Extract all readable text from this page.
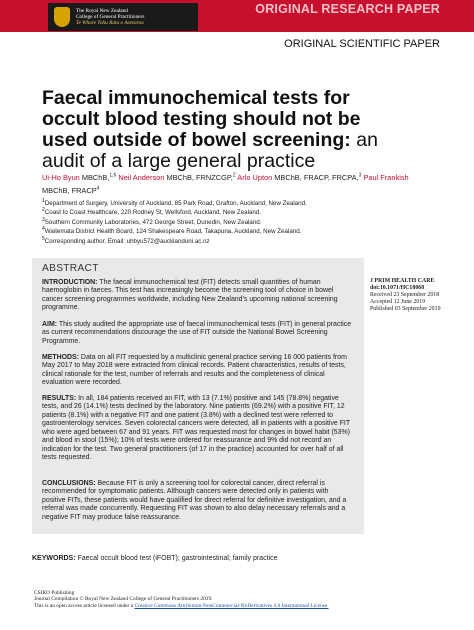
The Royal New Zealand
College of General Practitioners
Te Whare Tohu Rata o Aotearoa
ORIGINAL RESEARCH PAPER
ORIGINAL SCIENTIFIC PAPER
Faecal immunochemical tests for occult blood testing should not be used outside of bowel screening: an audit of a large general practice
Ui-Ho Byun MBChB,$^{1,6}$ Neil Anderson MBChB, FRNZCGP,$^2$ Arlo Upton MBChB, FRACP, FRCPA,$^3$ Paul Frankish MBChB, FRACP$^4$
$^1$Department of Surgery, University of Auckland, 85 Park Road, Grafton, Auckland, New Zealand.
$^2$Coast to Coast Healthcare, 220 Rodney St, Wellsford, Auckland, New Zealand.
$^3$Southern Community Laboratories, 472 George Street, Dunedin, New Zealand.
$^4$Waitemata District Health Board, 124 Shakespeare Road, Takapuna, Auckland, New Zealand.
$^5$Corresponding author. Email: uhbyu572@aucklanduni.ac.nz
J PRIM HEALTH CARE
doi:10.1071/HC18068
Received 23 September 2018
Accepted 12 June 2019
Published 03 September 2019
ABSTRACT
INTRODUCTION: The faecal immunochemical test (FIT) detects small quantities of human haemoglobin in faeces. This test has increasingly become the screening tool of choice in bowel cancer screening programmes worldwide, including New Zealand’s upcoming national screening programme.
AIM: This study audited the appropriate use of faecal immunochemical tests (FIT) in general practice as current recommendations discourage the use of FIT outside the National Bowel Screening Programme.
METHODS: Data on all FIT requested by a multiclinic general practice serving 16 000 patients from May 2017 to May 2018 were extracted from clinical records. Patient characteristics, results of tests, clinical rationale for the test, number of referrals and results and the completeness of clinical evaluation were recorded.
RESULTS: In all, 184 patients received an FIT, with 13 (7.1%) positive and 145 (78.8%) negative tests, and 26 (14.1%) tests declined by the laboratory. Nine patients (69.2%) with a positive FIT, 12 patients (8.1%) with a negative FIT and one patient (3.8%) with a declined test were referred to gastroenterology services. Seven colorectal cancers were detected, all in patients with a positive FIT who were aged between 67 and 91 years. FIT was requested most for changes in bowel habit (53%) and blood in stool (15%); 10% of tests were ordered for reassurance and 9% did not record an indication for the test. Two general practitioners (of 17 in the practice) accounted for over half of all tests requested.
CONCLUSIONS: Because FIT is only a screening tool for colorectal cancer, direct referral is recommended for symptomatic patients. Although cancers were detected only in patients with positive FITs, these patients would have qualified for direct referral for definitive investigation, and a referral was made concurrently. Requesting FIT was shown to also delay necessary referrals and a negative FIT may produce false reassurance.
KEYWORDS: Faecal occult blood test (iFOBT); gastrointestinal; family practice
CSIRO Publishing
Journal Compilation © Royal New Zealand College of General Practitioners 2019.
This is an open access article licensed under a Creative Commons Attribution-NonCommercial-NoDerivatives 4.0 International License.
